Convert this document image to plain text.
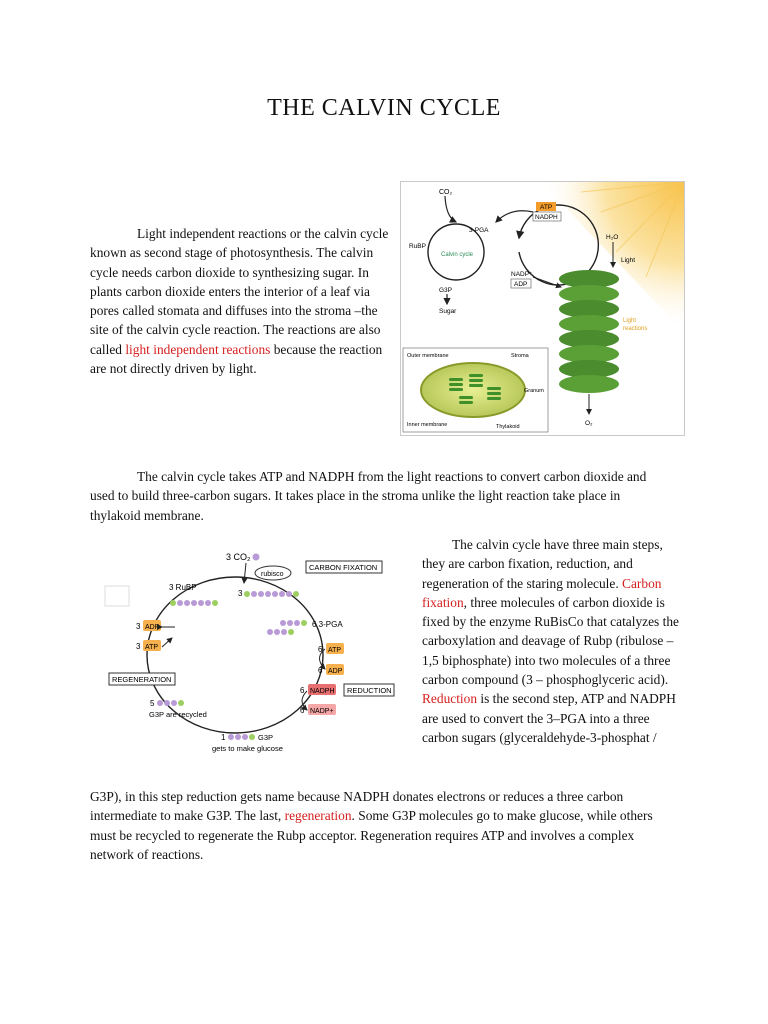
THE CALVIN CYCLE

Light independent reactions or the calvin cycle known as second stage of photosynthesis. The calvin cycle needs carbon dioxide to synthesizing sugar. In plants carbon dioxide enters the interior of a leaf via pores called stomata and diffuses into the stroma –the site of the calvin cycle reaction. The reactions are also called light independent reactions because the reaction are not directly driven by light.

CO₂
3-PGA
RuBP
Calvin cycle
G3P
Sugar
ATP
NADPH
H₂O
Light
NADP⁺
ADP
Light
reactions
O₂
Outer membrane	Stroma
Granum
Inner membrane	Thylakoid

The calvin cycle takes ATP and NADPH from the light reactions to convert carbon dioxide and used to build three-carbon sugars. It takes place in the stroma unlike the light reaction take place in thylakoid membrane.

3 CO₂
rubisco
CARBON FIXATION
3 RuBP
3
6 3-PGA
3 ADP
3 ATP	6 ATP
6 ADP
REGENERATION
REDUCTION
6 NADPH
6 NADP+
5
G3P are recycled
1	G3P
gets to make glucose

The calvin cycle have three main steps, they are carbon fixation, reduction, and regeneration of the staring molecule. Carbon fixation, three molecules of carbon dioxide is fixed by the enzyme RuBisCo that catalyzes the carboxylation and deavage of Rubp (ribulose – 1,5 biphosphate) into two molecules of a three carbon compound (3 – phosphoglyceric acid). Reduction is the second step, ATP and NADPH are used to convert the 3–PGA into a three carbon sugars (glyceraldehyde-3-phosphat /

G3P), in this step reduction gets name because NADPH donates electrons or reduces a three carbon intermediate to make G3P. The last, regeneration. Some G3P molecules go to make glucose, while others must be recycled to regenerate the Rubp acceptor. Regeneration requires ATP and involves a complex network of reactions.
